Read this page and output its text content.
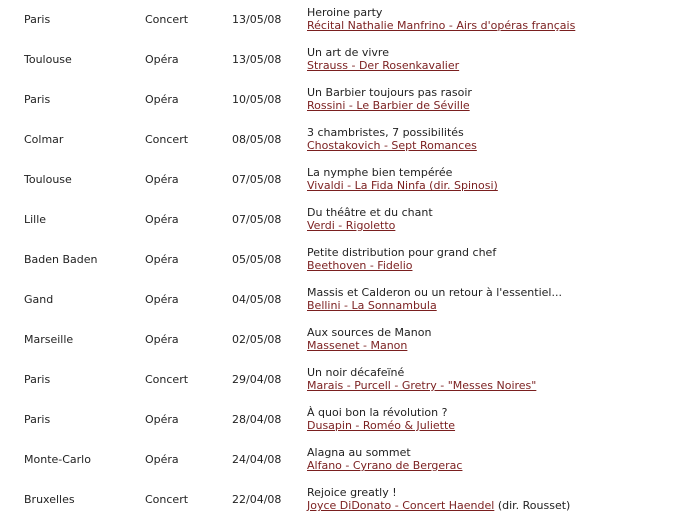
Paris	Concert	13/05/08
Heroine party
Récital Nathalie Manfrino - Airs d'opéras français
Toulouse	Opéra	13/05/08
Un art de vivre
Strauss - Der Rosenkavalier
Paris	Opéra	10/05/08
Un Barbier toujours pas rasoir
Rossini - Le Barbier de Séville
Colmar	Concert	08/05/08
3 chambristes, 7 possibilités
Chostakovich - Sept Romances
Toulouse	Opéra	07/05/08
La nymphe bien tempérée
Vivaldi - La Fida Ninfa (dir. Spinosi)
Lille	Opéra	07/05/08
Du théâtre et du chant
Verdi - Rigoletto
Baden Baden	Opéra	05/05/08
Petite distribution pour grand chef
Beethoven - Fidelio
Gand	Opéra	04/05/08
Massis et Calderon ou un retour à l'essentiel...
Bellini - La Sonnambula
Marseille	Opéra	02/05/08
Aux sources de Manon
Massenet - Manon
Paris	Concert	29/04/08
Un noir décafeïné
Marais - Purcell - Gretry - "Messes Noires"
Paris	Opéra	28/04/08
À quoi bon la révolution ?
Dusapin - Roméo & Juliette
Monte-Carlo	Opéra	24/04/08
Alagna au sommet
Alfano - Cyrano de Bergerac
Bruxelles	Concert	22/04/08
Rejoice greatly !
Joyce DiDonato - Concert Haendel (dir. Rousset)
